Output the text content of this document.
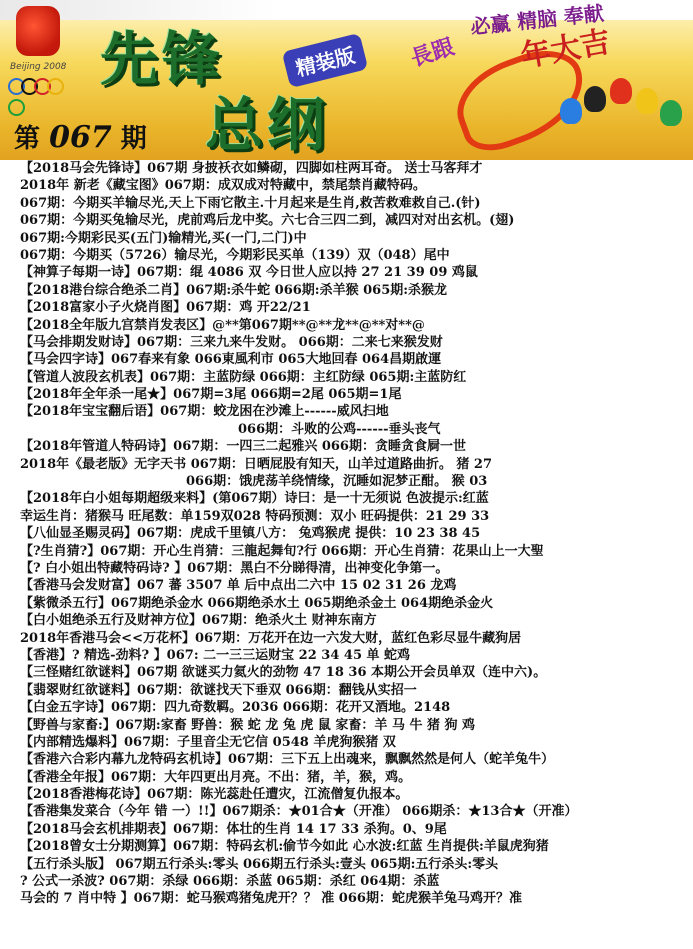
Beijing 2008 先锋	精装版
总纲
第 067 期
必赢 精脑 奉献
長跟 年大吉
【2018马会先锋诗】067期 身披袄衣如鳞砌，四脚如柱两耳奇。 送士马客拜才
2018年 新老《藏宝图》067期：成双成对特藏中，禁尾禁肖藏特码。
067期：今期买羊输尽光,天上下雨它散主.十月起来是生肖,救苦救难救自己.(针)
067期：今期买兔输尽光，虎前鸡后龙中奖。六七合三四二到，减四对对出玄机。(翅)
067期:今期彩民买(五门)输精光,买(一门,二门)中
067期：今期买（5726）输尽光，今期彩民买单（139）双（048）尾中
【神算子每期一诗】067期：绲 4086 双 今日世人应以持 27 21 39 09 鸡鼠
【2018港台综合绝杀二肖】067期:杀牛蛇 066期:杀羊猴 065期:杀猴龙
【2018富家小子火烧肖图】067期：鸡 开22/21
【2018全年版九宫禁肖发表区】@**第067期**@**龙**@**对**@
【马会排期发财诗】067期：三来九来牛发财。 066期：二来七来猴发财
【马会四字诗】067春来有象 066東風利市 065大地回春 064昌期啟運
【管道人波段玄机表】067期：主蓝防绿 066期：主红防绿 065期:主蓝防红
【2018年全年杀一尾★】067期=3尾 066期=2尾 065期=1尾
【2018年宝宝翻后语】067期：蛟龙困在沙滩上------威风扫地
066期：斗败的公鸡------垂头丧气
【2018年管道人特码诗】067期：一四三二起雅兴 066期：贪睡贪食屙一世
2018年《最老版》无字天书 067期：日晒屁股有知天，山羊过道路曲折。 猪 27
066期：饿虎荡羊绕情缘，沉睡如泥梦正酣。 猴 03
【2018年白小姐每期超级来料】(第067期）诗曰：是一十无须说 色波提示:红蓝
幸运生肖：猪猴马 旺尾数：单159双028 特码预测：双小 旺码提供：21 29 33
【八仙显圣赐灵码】067期：虎成千里镇八方： 兔鸡猴虎 提供：10 23 38 45
【?生肖猜?】067期：开心生肖猜：三龍起舞旬?行 066期：开心生肖猜：花果山上一大聖
【? 白小姐出特藏特码诗? 】067期：黑白不分睇得清，出神变化争第一。
【香港马会发财富】067 蕃 3507 单 后中点出二六中 15 02 31 26 龙鸡
【紫微杀五行】067期绝杀金水 066期绝杀水土 065期绝杀金土 064期绝杀金火
【白小姐绝杀五行及财神方位】067期：绝杀火土 财神东南方
2018年香港马会<<万花杯】067期：万花开在边一六发大财，蓝红色彩尽显牛藏狗居
【香港】? 精选-劲料? 】067: 二一三三运财宝 22 34 45 单 蛇鸡
【三怪赌红欲谜料】067期 欲谜买力氦火的劲物 47 18 36 本期公开会员单双（连中六)。
【翡翠财红欲谜料】067期：欲谜找天下垂双 066期：翻钱从实招一
【白金五字诗】067期：四九奇数羁。2036 066期：花开又酒地。2148
【野兽与家畜:】067期:家畜 野兽：猴 蛇 龙 兔 虎 鼠 家畜：羊 马 牛 猪 狗 鸡
【内部精选爆料】067期：子里音尘无它信 0548 羊虎狗猴猪 双
【香港六合彩内幕九龙特码玄机诗】067期：三下五上出魂来，飘飘然然是何人（蛇羊兔牛）
【香港全年报】067期：大年四更出月亮。不出：猪，羊，猴，鸡。
【2018香港梅花诗】067期：陈光蕊赴任遭灾，江流僧复仇报本。
【香港集发菜合（今年 错 一）!!】067期杀：★01合★（开准） 066期杀：★13合★（开准）
【2018马会玄机排期表】067期：体壮的生肖 14 17 33 杀狗。0、9尾
【2018曾女士分期测算】067期：特码玄机:偷节今如此 心水波:红蓝 生肖提供:羊鼠虎狗猪
【五行杀头版】 067期五行杀头:零头 066期五行杀头:壹头 065期:五行杀头:零头
? 公式一杀波? 067期：杀绿 066期：杀蓝 065期：杀红 064期：杀蓝
马会的 7 肖中特 】067期：蛇马猴鸡猪兔虎开？？ 准 066期：蛇虎猴羊兔马鸡开？准
